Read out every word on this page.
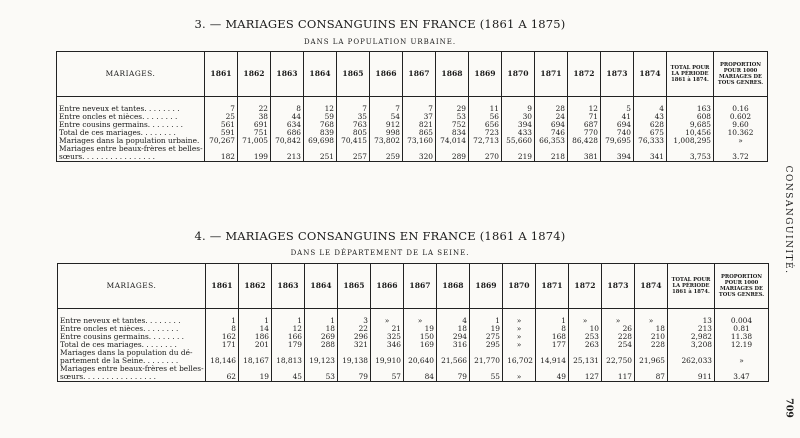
3. — MARIAGES CONSANGUINS EN FRANCE (1861 A 1875)
DANS LA POPULATION URBAINE.
MARIAGES.	1861	1862	1863	1864	1865	1866	1867	1868	1869	1870	1871	1872	1873	1874	TOTAL POUR LA PÉRIODE 1861 à 1874.	PROPORTION POUR 1000 MARIAGES DE TOUS GENRES.

Entre neveux et tantes. . . . . . . .	7	22	8	12	7	7	7	29	11	9	28	12	5	4	163	0.16
Entre oncles et nièces. . . . . . . .	25	38	44	59	35	54	37	53	56	30	24	71	41	43	608	0.602
Entre cousins germains. . . . . . . .	561	691	634	768	763	912	821	752	656	394	694	687	694	628	9,685	9.60
Total de ces mariages. . . . . . . .	591	751	686	839	805	998	865	834	723	433	746	770	740	675	10,456	10.362
Mariages dans la population urbaine.	70,267	71,005	70,842	69,698	70,415	73,802	73,160	74,014	72,713	55,660	66,353	86,428	79,695	76,333	1,008,295	»
Mariages entre beaux-frères et belles-																
sœurs. . . . . . . . . . . . . . . .	182	199	213	251	257	259	320	289	270	219	218	381	394	341	3,753	3.72
4. — MARIAGES CONSANGUINS EN FRANCE (1861 A 1874)
DANS LE DÉPARTEMENT DE LA SEINE.
MARIAGES.	1861	1862	1863	1864	1865	1866	1867	1868	1869	1870	1871	1872	1873	1874	TOTAL POUR LA PÉRIODE 1861 à 1874.	PROPORTION POUR 1000 MARIAGES DE TOUS GENRES.

Entre neveux et tantes. . . . . . . .	1	1	1	1	3	»	»	4	1	»	1	»	»	»	13	0.004
Entre oncles et nièces. . . . . . . .	8	14	12	18	22	21	19	18	19	»	8	10	26	18	213	0.81
Entre cousins germains. . . . . . . .	162	186	166	269	296	325	150	294	275	»	168	253	228	210	2,982	11.38
Total de ces mariages. . . . . . . .	171	201	179	288	321	346	169	316	295	»	177	263	254	228	3,208	12.19
Mariages dans la population du dé-																
partement de la Seine. . . . . . . .	18,146	18,167	18,813	19,123	19,138	19,910	20,640	21,566	21,770	16,702	14,914	25,131	22,750	21,965	262,033	»
Mariages entre beaux-frères et belles-																
sœurs. . . . . . . . . . . . . . . .	62	19	45	53	79	57	84	79	55	»	49	127	117	87	911	3.47
CONSANGUINITÉ.
709
